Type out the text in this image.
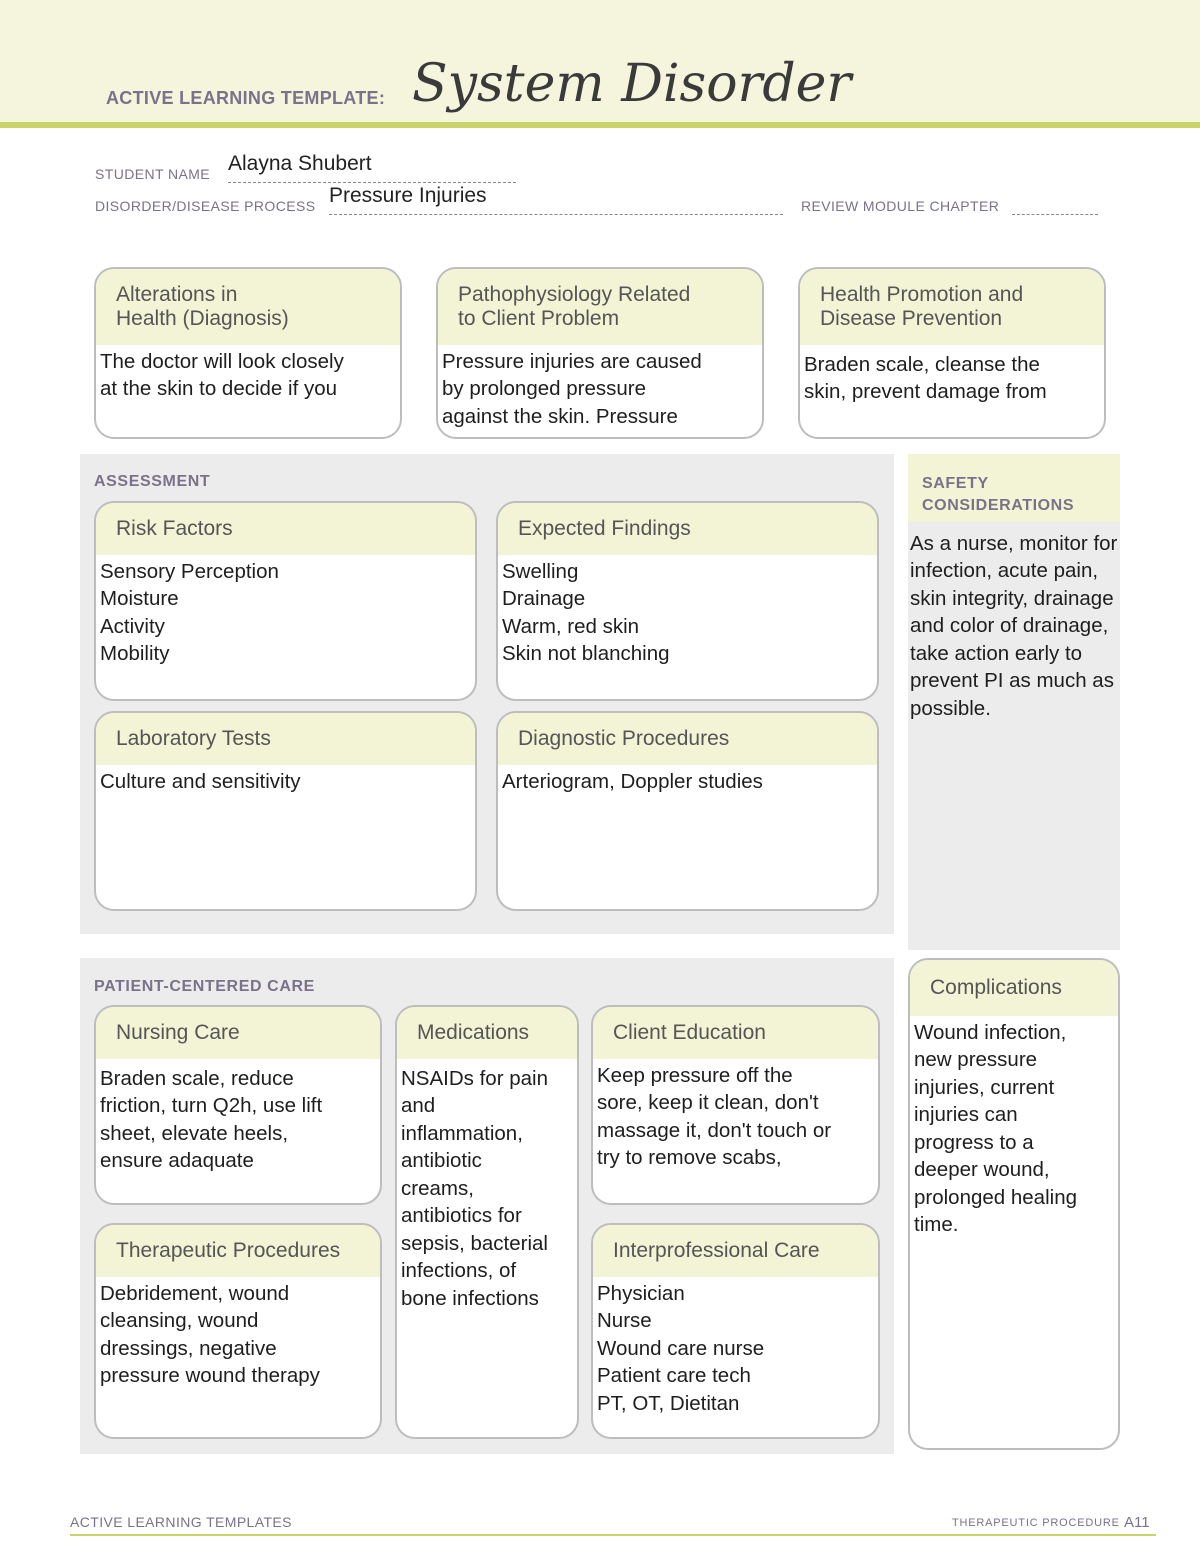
ACTIVE LEARNING TEMPLATE: System Disorder
STUDENT NAME Alayna Shubert
DISORDER/DISEASE PROCESS Pressure Injuries	REVIEW MODULE CHAPTER
Alterations in
Health (Diagnosis)
The doctor will look closely
at the skin to decide if you
Pathophysiology Related
to Client Problem
Pressure injuries are caused
by prolonged pressure
against the skin. Pressure
Health Promotion and
Disease Prevention
Braden scale, cleanse the
skin, prevent damage from
ASSESSMENT
Risk Factors
Sensory Perception
Moisture
Activity
Mobility
Expected Findings
Swelling
Drainage
Warm, red skin
Skin not blanching
Laboratory Tests
Culture and sensitivity
Diagnostic Procedures
Arteriogram, Doppler studies
SAFETY
CONSIDERATIONS
As a nurse, monitor for infection, acute pain, skin integrity, drainage and color of drainage, take action early to prevent PI as much as possible.
PATIENT-CENTERED CARE
Nursing Care
Braden scale, reduce
friction, turn Q2h, use lift
sheet, elevate heels,
ensure adaquate
Medications
NSAIDs for pain
and
inflammation,
antibiotic
creams,
antibiotics for
sepsis, bacterial
infections, of
bone infections
Client Education
Keep pressure off the
sore, keep it clean, don't
massage it, don't touch or
try to remove scabs,
Therapeutic Procedures
Debridement, wound
cleansing, wound
dressings, negative
pressure wound therapy
Interprofessional Care
Physician
Nurse
Wound care nurse
Patient care tech
PT, OT, Dietitan
Complications
Wound infection,
new pressure
injuries, current
injuries can
progress to a
deeper wound,
prolonged healing
time.
ACTIVE LEARNING TEMPLATES	THERAPEUTIC PROCEDURE A11
